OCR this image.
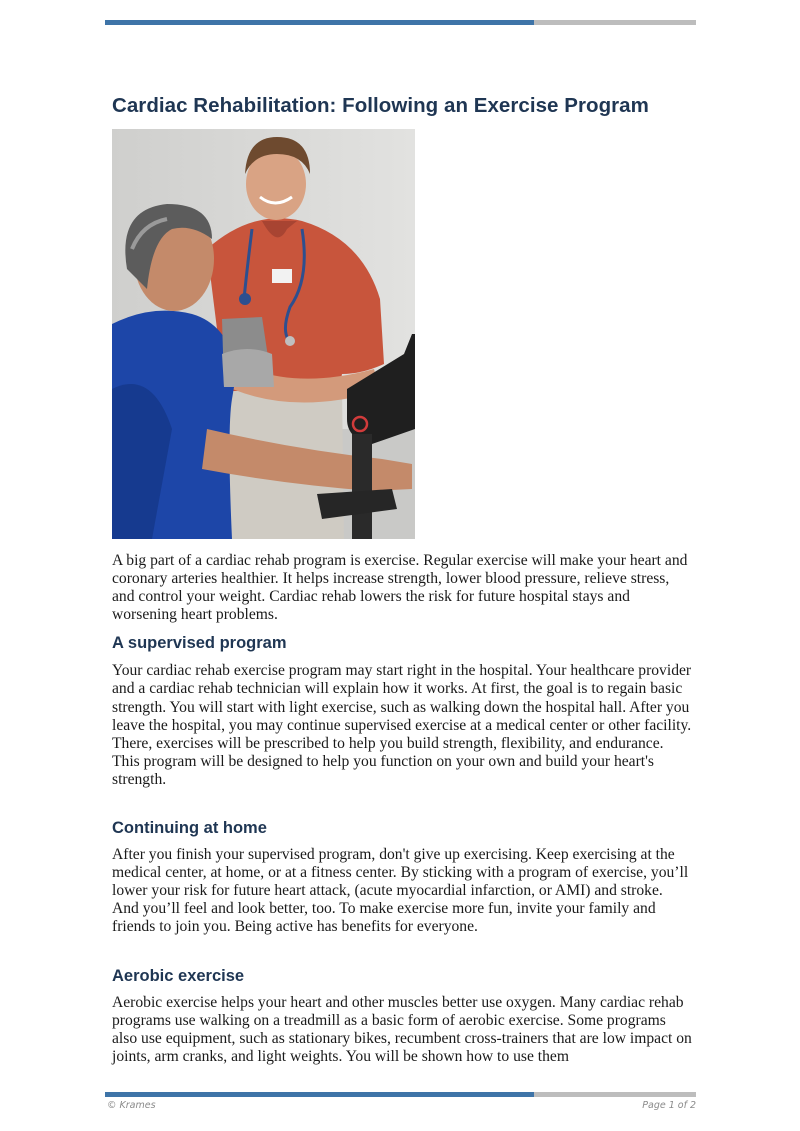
Cardiac Rehabilitation: Following an Exercise Program

A big part of a cardiac rehab program is exercise. Regular exercise will make your heart and coronary arteries healthier. It helps increase strength, lower blood pressure, relieve stress, and control your weight. Cardiac rehab lowers the risk for future hospital stays and worsening heart problems.

A supervised program

Your cardiac rehab exercise program may start right in the hospital. Your healthcare provider and a cardiac rehab technician will explain how it works. At first, the goal is to regain basic strength. You will start with light exercise, such as walking down the hospital hall. After you leave the hospital, you may continue supervised exercise at a medical center or other facility. There, exercises will be prescribed to help you build strength, flexibility, and endurance. This program will be designed to help you function on your own and build your heart's strength.

Continuing at home

After you finish your supervised program, don't give up exercising. Keep exercising at the medical center, at home, or at a fitness center. By sticking with a program of exercise, you’ll lower your risk for future heart attack, (acute myocardial infarction, or AMI) and stroke. And you’ll feel and look better, too. To make exercise more fun, invite your family and friends to join you. Being active has benefits for everyone.

Aerobic exercise

Aerobic exercise helps your heart and other muscles better use oxygen. Many cardiac rehab programs use walking on a treadmill as a basic form of aerobic exercise. Some programs also use equipment, such as stationary bikes, recumbent cross-trainers that are low impact on joints, arm cranks, and light weights. You will be shown how to use them

© Krames	Page 1 of 2
